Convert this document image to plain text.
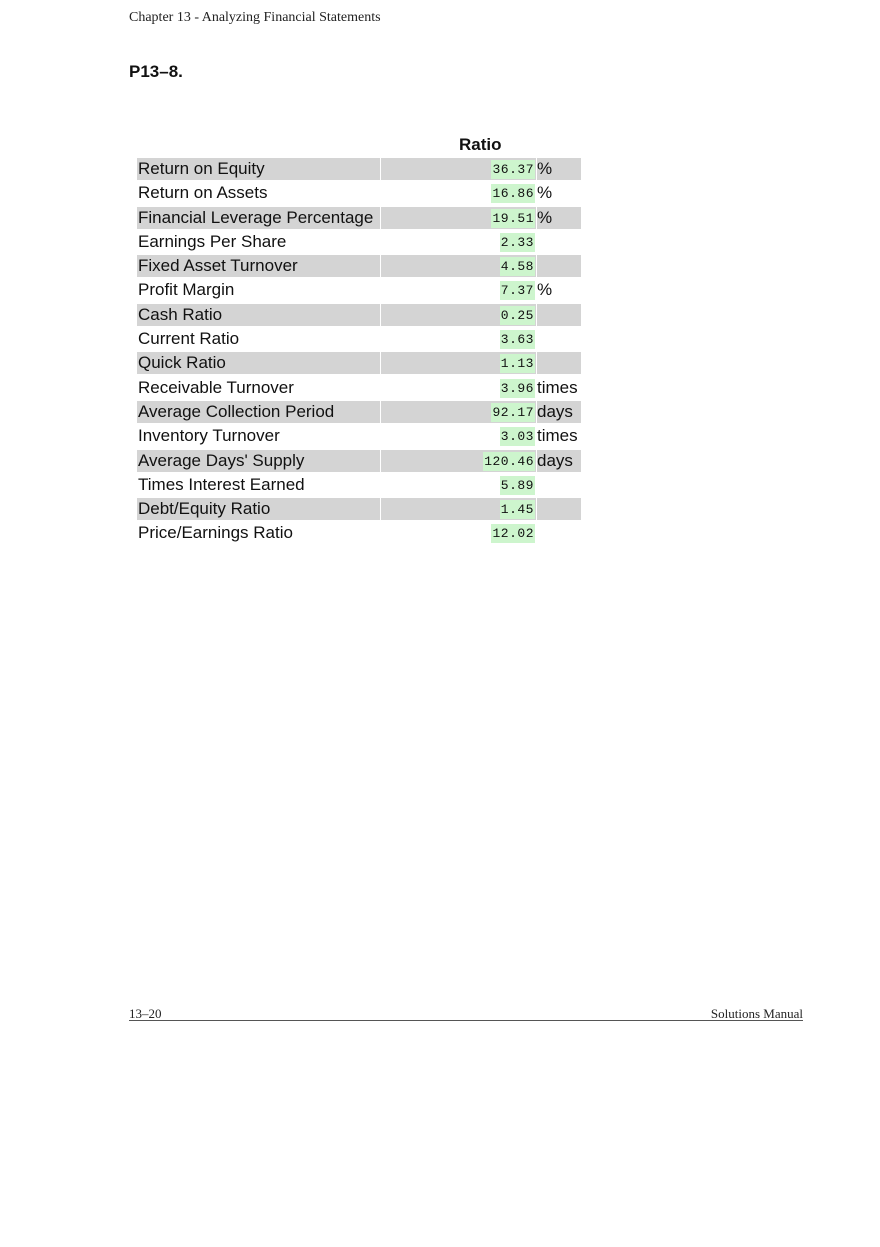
Chapter 13 - Analyzing Financial Statements
P13–8.
Ratio
Return on Equity	36.37 %
Return on Assets	16.86 %
Financial Leverage Percentage	19.51 %
Earnings Per Share	2.33
Fixed Asset Turnover	4.58
Profit Margin	7.37 %
Cash Ratio	0.25
Current Ratio	3.63
Quick Ratio	1.13
Receivable Turnover	3.96 times
Average Collection Period	92.17 days
Inventory Turnover	3.03 times
Average Days' Supply	120.46 days
Times Interest Earned	5.89
Debt/Equity Ratio	1.45
Price/Earnings Ratio	12.02
13–20	Solutions Manual
